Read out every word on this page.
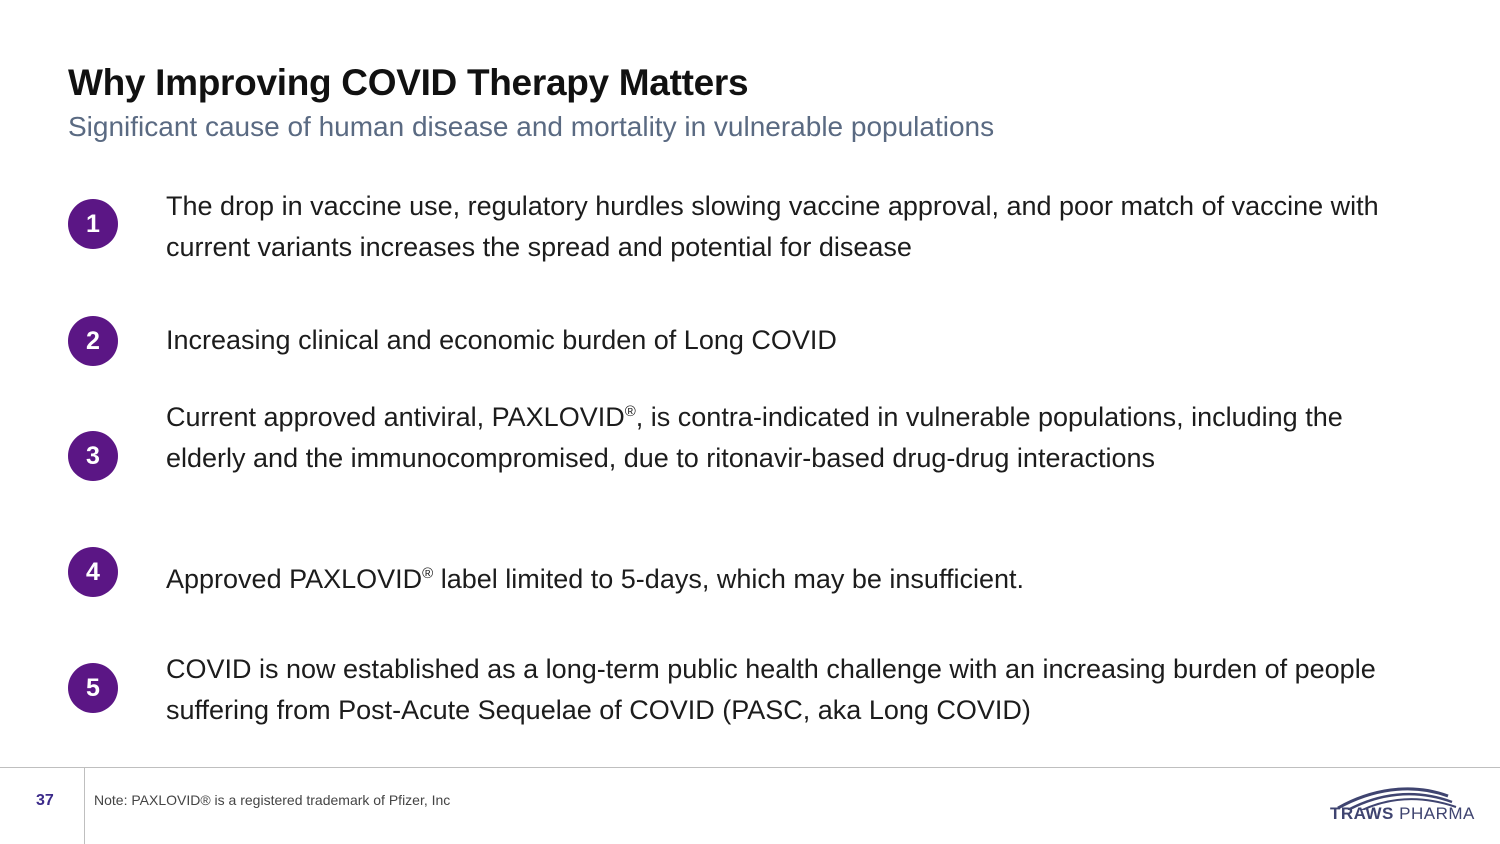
Why Improving COVID Therapy Matters
Significant cause of human disease and mortality in vulnerable populations
1
The drop in vaccine use, regulatory hurdles slowing vaccine approval, and poor match of vaccine with current variants increases the spread and potential for disease
2	Increasing clinical and economic burden of Long COVID
3
Current approved antiviral, PAXLOVID®, is contra-indicated in vulnerable populations, including the elderly and the immunocompromised, due to ritonavir-based drug-drug interactions
4	Approved PAXLOVID® label limited to 5-days, which may be insufficient.
5
COVID is now established as a long-term public health challenge with an increasing burden of people suffering from Post-Acute Sequelae of COVID (PASC, aka Long COVID)
37	Note: PAXLOVID® is a registered trademark of Pfizer, Inc
TRAWS PHARMA
